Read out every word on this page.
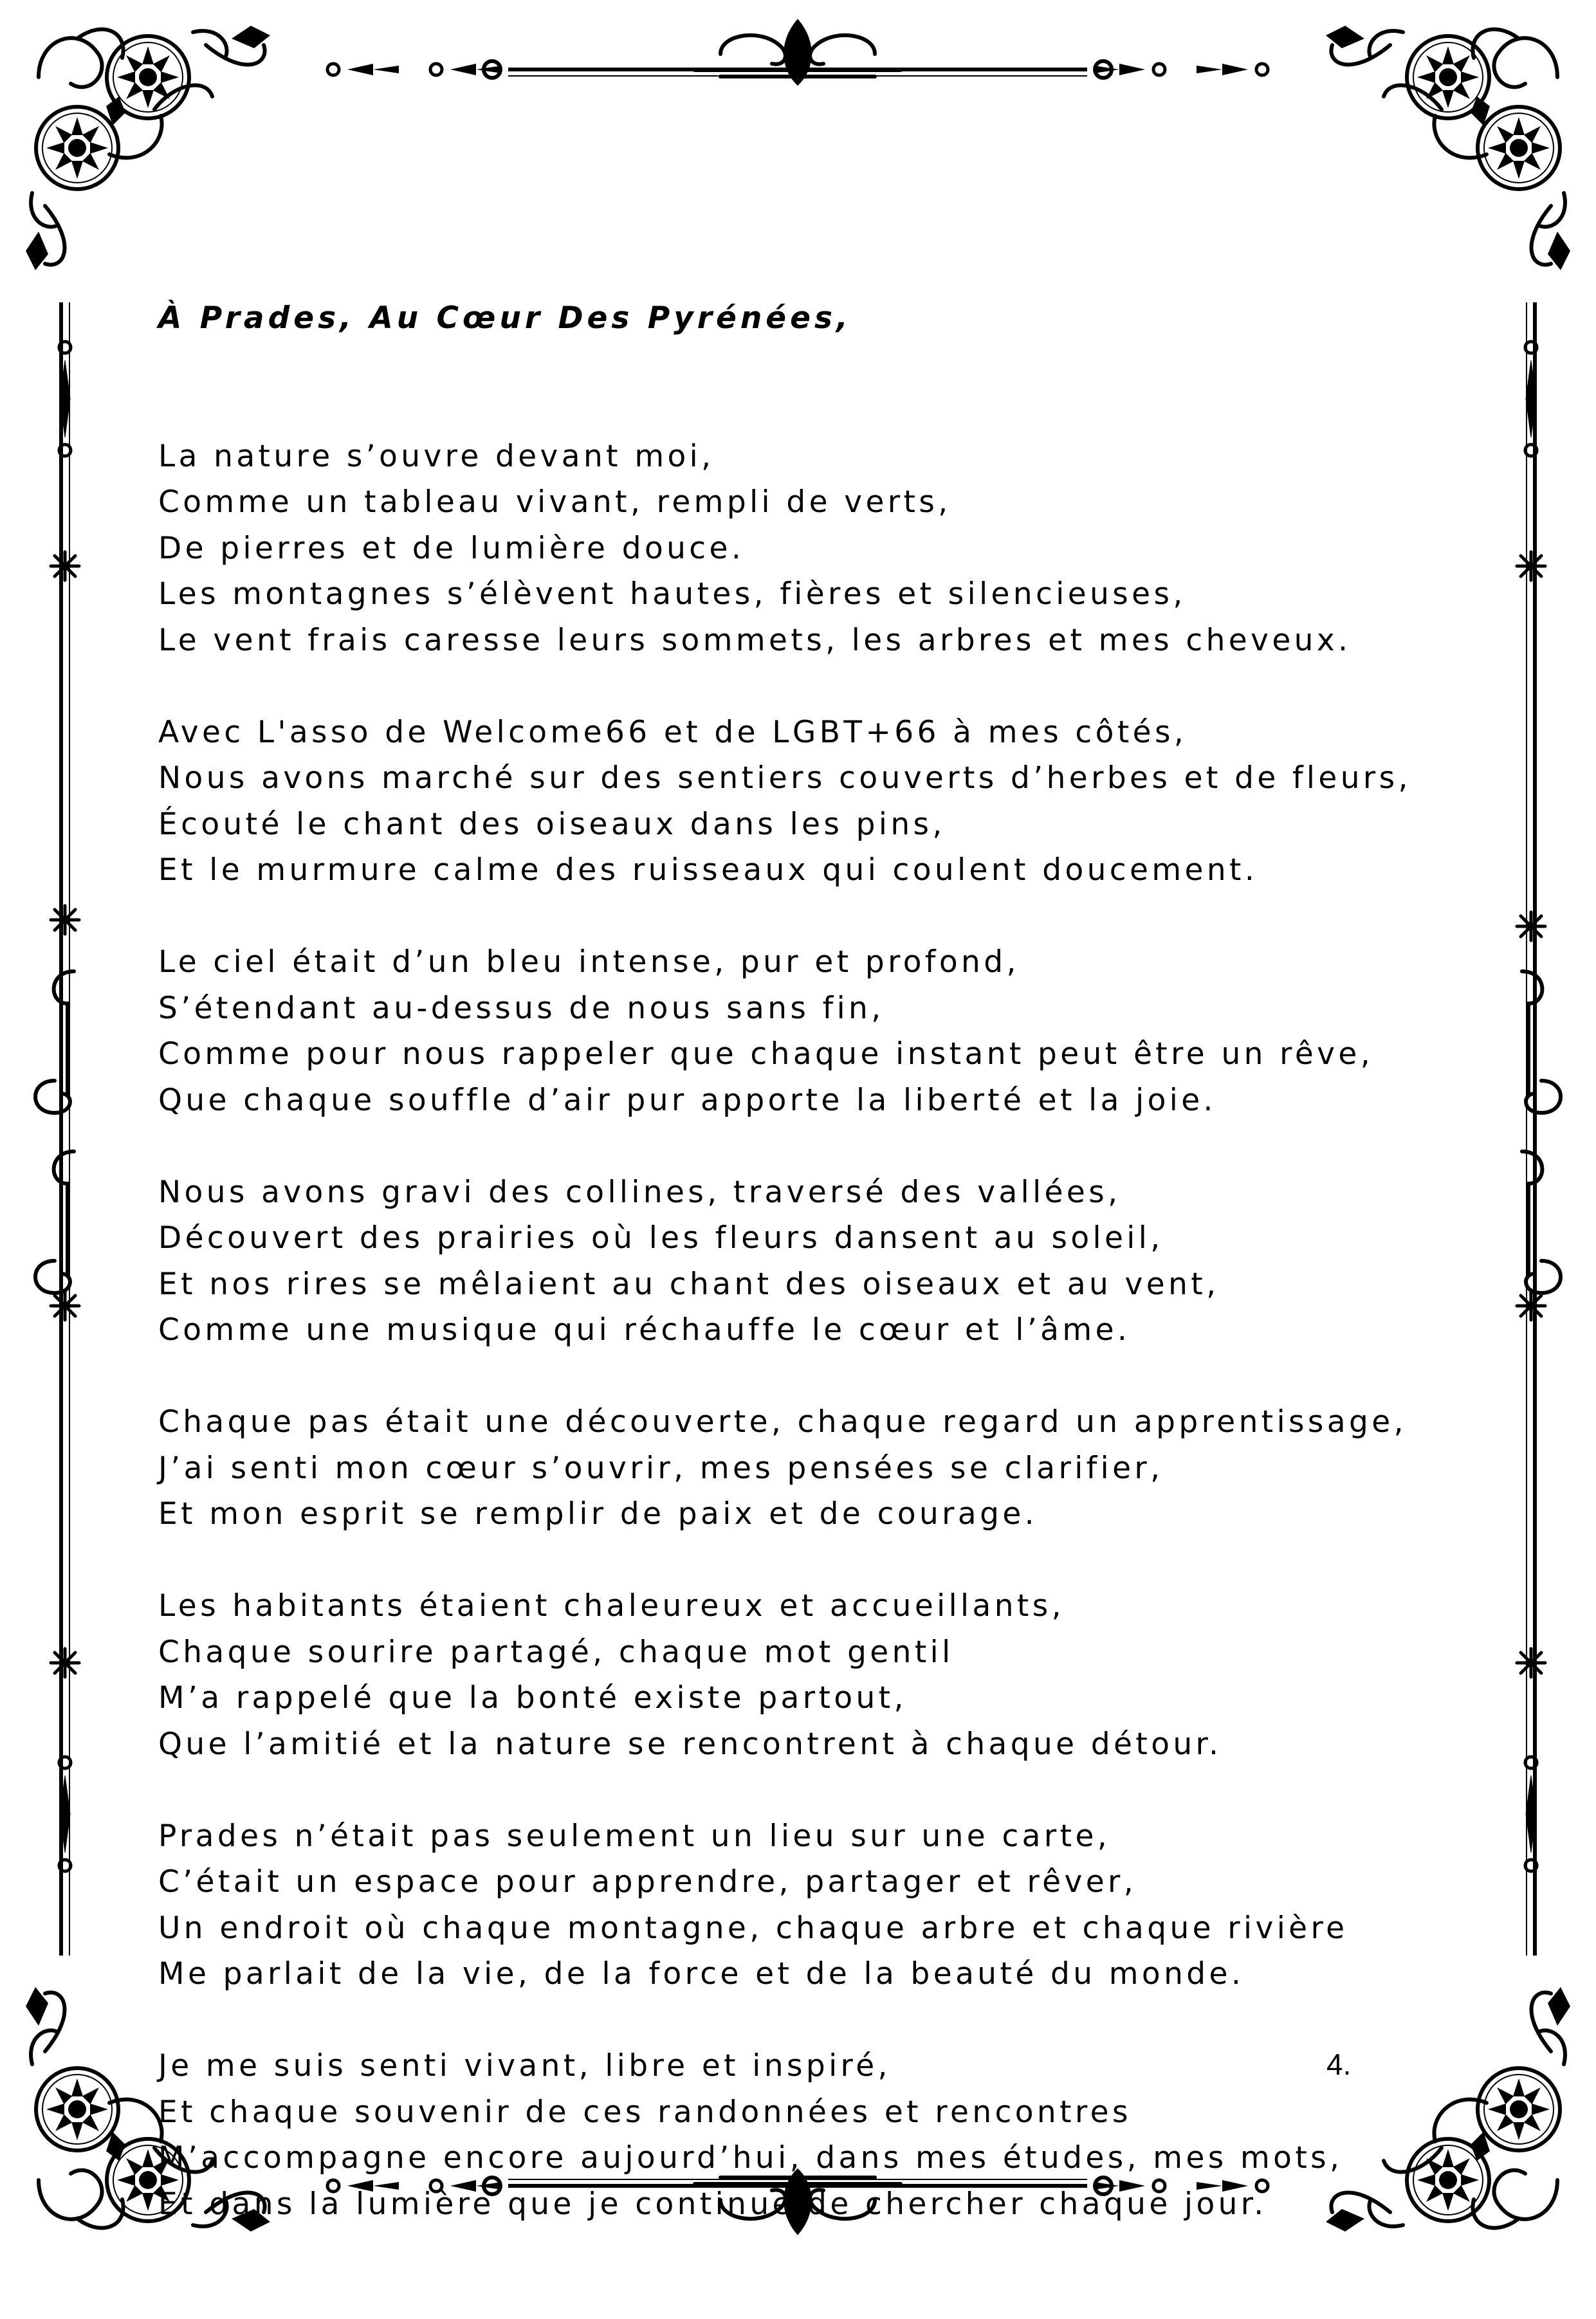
À Prades, Au Cœur Des Pyrénées,

La nature s’ouvre devant moi,
Comme un tableau vivant, rempli de verts,
De pierres et de lumière douce.
Les montagnes s’élèvent hautes, fières et silencieuses,
Le vent frais caresse leurs sommets, les arbres et mes cheveux.
Avec L'asso de Welcome66 et de LGBT+66 à mes côtés,
Nous avons marché sur des sentiers couverts d’herbes et de fleurs,
Écouté le chant des oiseaux dans les pins,
Et le murmure calme des ruisseaux qui coulent doucement.
Le ciel était d’un bleu intense, pur et profond,
S’étendant au-dessus de nous sans fin,
Comme pour nous rappeler que chaque instant peut être un rêve,
Que chaque souffle d’air pur apporte la liberté et la joie.
Nous avons gravi des collines, traversé des vallées,
Découvert des prairies où les fleurs dansent au soleil,
Et nos rires se mêlaient au chant des oiseaux et au vent,
Comme une musique qui réchauffe le cœur et l’âme.
Chaque pas était une découverte, chaque regard un apprentissage,
J’ai senti mon cœur s’ouvrir, mes pensées se clarifier,
Et mon esprit se remplir de paix et de courage.
Les habitants étaient chaleureux et accueillants,
Chaque sourire partagé, chaque mot gentil
M’a rappelé que la bonté existe partout,
Que l’amitié et la nature se rencontrent à chaque détour.
Prades n’était pas seulement un lieu sur une carte,
C’était un espace pour apprendre, partager et rêver,
Un endroit où chaque montagne, chaque arbre et chaque rivière
Me parlait de la vie, de la force et de la beauté du monde.
Je me suis senti vivant, libre et inspiré,
Et chaque souvenir de ces randonnées et rencontres
M’accompagne encore aujourd’hui, dans mes études, mes mots,
Et dans la lumière que je continue de chercher chaque jour.

4.
